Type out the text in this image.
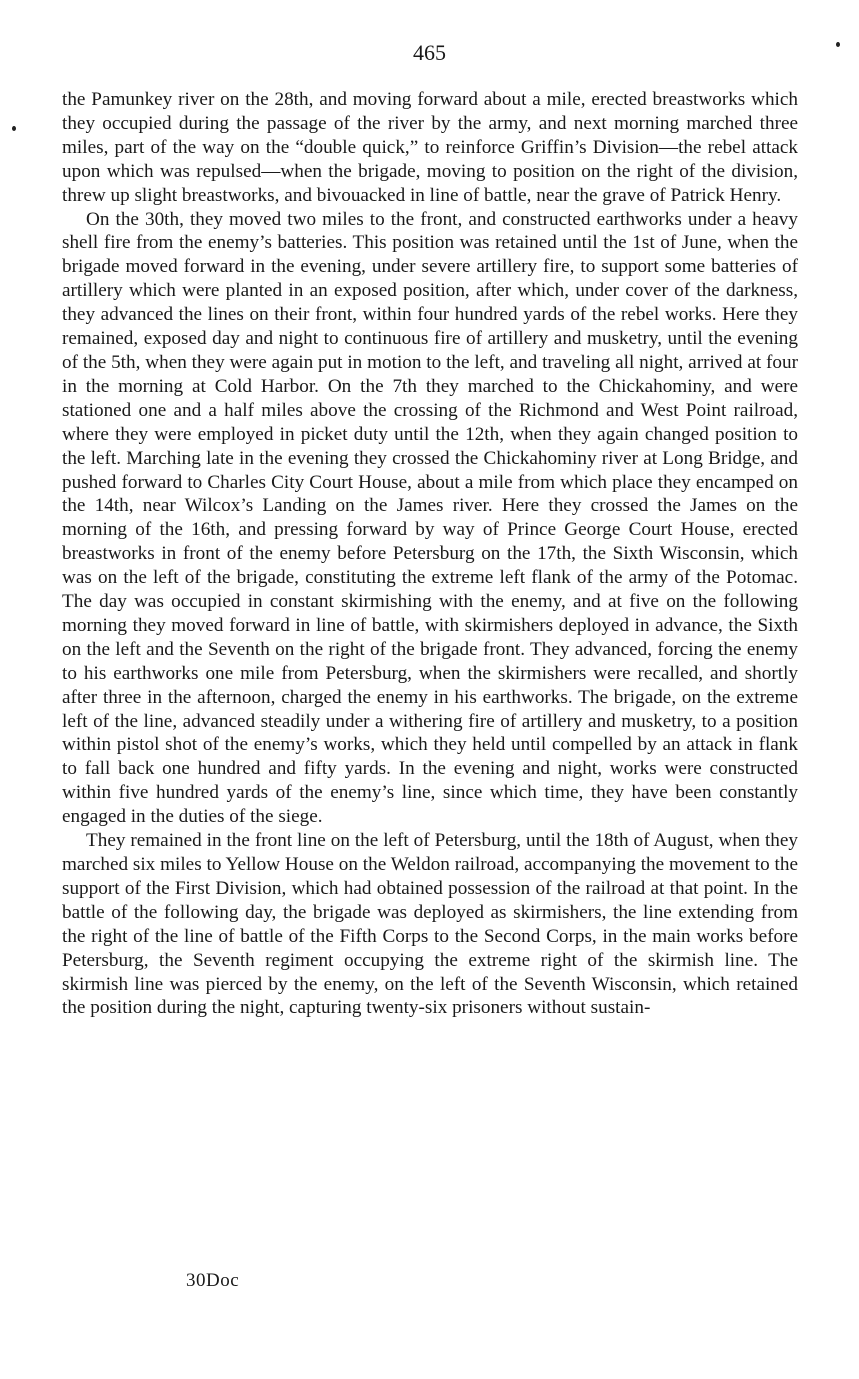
465

the Pamunkey river on the 28th, and moving forward about a mile, erected breastworks which they occupied during the passage of the river by the army, and next morning marched three miles, part of the way on the “double quick,” to reinforce Griffin’s Division—the rebel attack upon which was repulsed—when the brigade, moving to position on the right of the division, threw up slight breastworks, and bivouacked in line of battle, near the grave of Patrick Henry.

On the 30th, they moved two miles to the front, and constructed earthworks under a heavy shell fire from the enemy’s batteries. This position was retained until the 1st of June, when the brigade moved forward in the evening, under severe artillery fire, to support some batteries of artillery which were planted in an exposed position, after which, under cover of the darkness, they advanced the lines on their front, within four hundred yards of the rebel works. Here they remained, exposed day and night to continuous fire of artillery and musketry, until the evening of the 5th, when they were again put in motion to the left, and traveling all night, arrived at four in the morning at Cold Harbor. On the 7th they marched to the Chickahominy, and were stationed one and a half miles above the crossing of the Richmond and West Point railroad, where they were employed in picket duty until the 12th, when they again changed position to the left. Marching late in the evening they crossed the Chickahominy river at Long Bridge, and pushed forward to Charles City Court House, about a mile from which place they encamped on the 14th, near Wilcox’s Landing on the James river. Here they crossed the James on the morning of the 16th, and pressing forward by way of Prince George Court House, erected breastworks in front of the enemy before Petersburg on the 17th, the Sixth Wisconsin, which was on the left of the brigade, constituting the extreme left flank of the army of the Potomac. The day was occupied in constant skirmishing with the enemy, and at five on the following morning they moved forward in line of battle, with skirmishers deployed in advance, the Sixth on the left and the Seventh on the right of the brigade front. They advanced, forcing the enemy to his earthworks one mile from Petersburg, when the skirmishers were recalled, and shortly after three in the afternoon, charged the enemy in his earthworks. The brigade, on the extreme left of the line, advanced steadily under a withering fire of artillery and musketry, to a position within pistol shot of the enemy’s works, which they held until compelled by an attack in flank to fall back one hundred and fifty yards. In the evening and night, works were constructed within five hundred yards of the enemy’s line, since which time, they have been constantly engaged in the duties of the siege.

They remained in the front line on the left of Petersburg, until the 18th of August, when they marched six miles to Yellow House on the Weldon railroad, accompanying the movement to the support of the First Division, which had obtained possession of the railroad at that point. In the battle of the following day, the brigade was deployed as skirmishers, the line extending from the right of the line of battle of the Fifth Corps to the Second Corps, in the main works before Petersburg, the Seventh regiment occupying the extreme right of the skirmish line. The skirmish line was pierced by the enemy, on the left of the Seventh Wisconsin, which retained the position during the night, capturing twenty-six prisoners without sustain-

30Doc
